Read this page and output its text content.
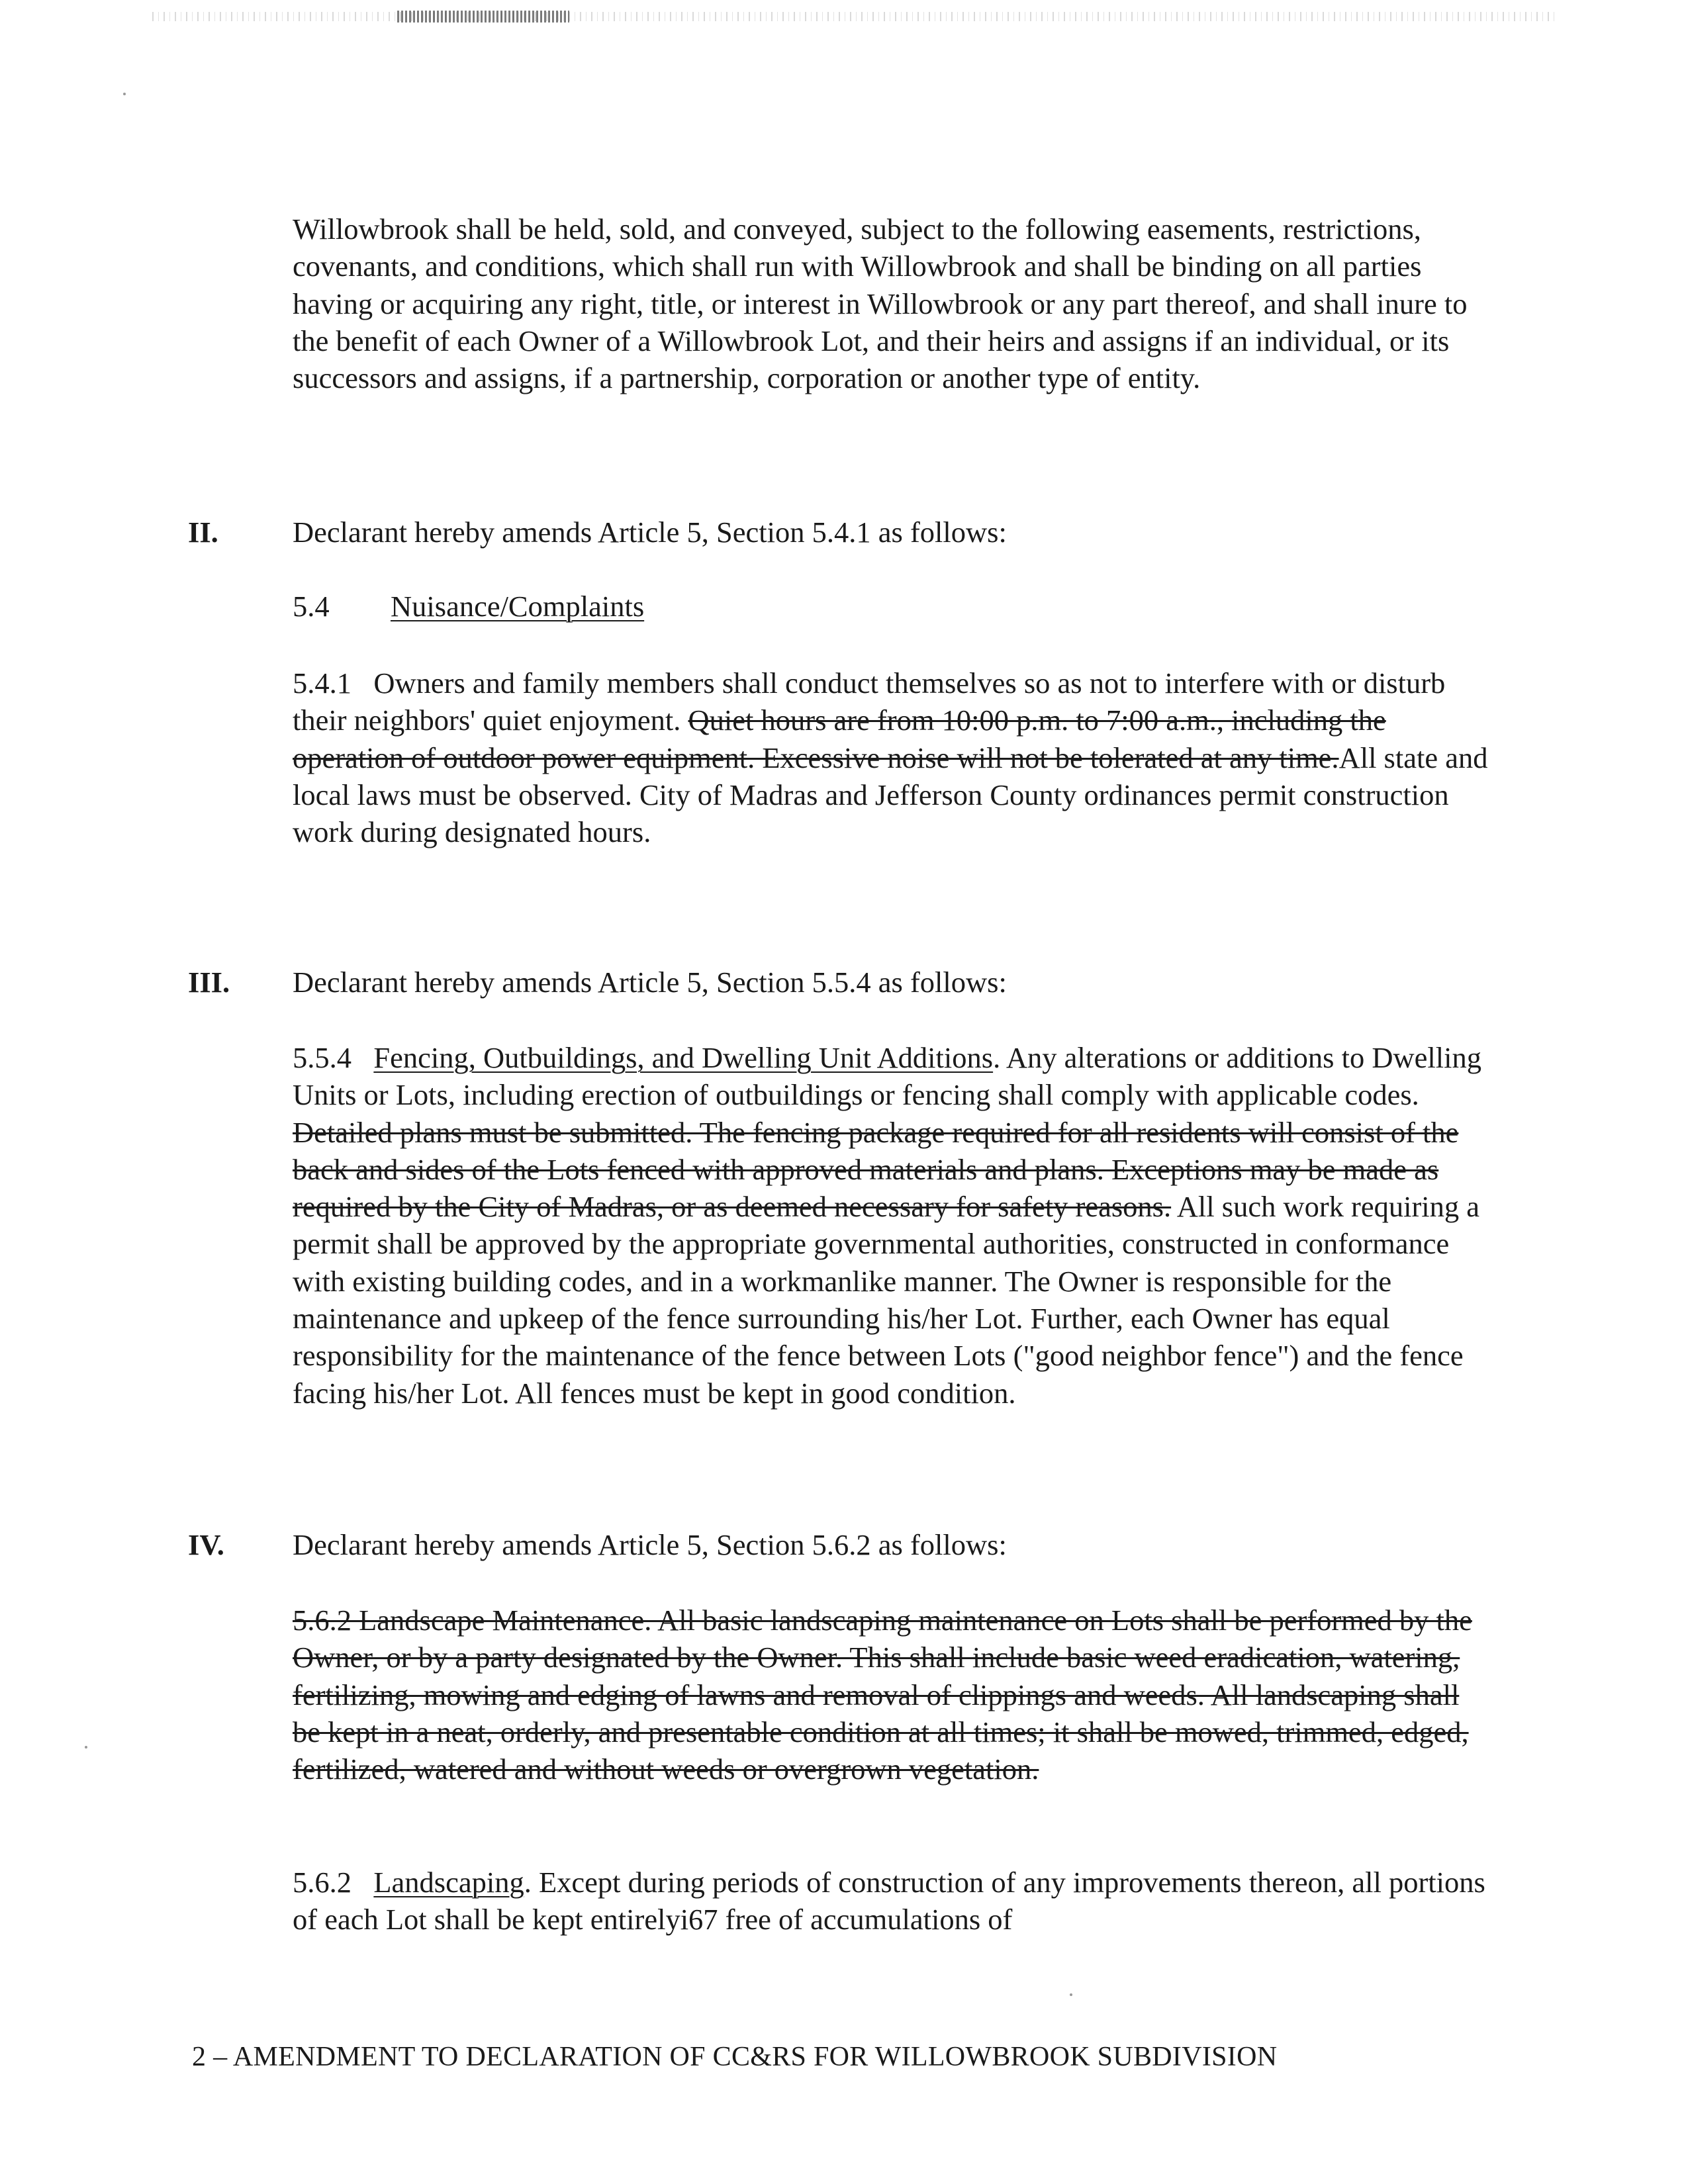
Willowbrook shall be held, sold, and conveyed, subject to the following easements, restrictions, covenants, and conditions, which shall run with Willowbrook and shall be binding on all parties having or acquiring any right, title, or interest in Willowbrook or any part thereof, and shall inure to the benefit of each Owner of a Willowbrook Lot, and their heirs and assigns if an individual, or its successors and assigns, if a partnership, corporation or another type of entity.

II.	Declarant hereby amends Article 5, Section 5.4.1 as follows:

5.4 Nuisance/Complaints

5.4.1 Owners and family members shall conduct themselves so as not to interfere with or disturb their neighbors' quiet enjoyment. Quiet hours are from 10:00 p.m. to 7:00 a.m., including the operation of outdoor power equipment. Excessive noise will not be tolerated at any time.All state and local laws must be observed. City of Madras and Jefferson County ordinances permit construction work during designated hours.

III. Declarant hereby amends Article 5, Section 5.5.4 as follows:

5.5.4 Fencing, Outbuildings, and Dwelling Unit Additions. Any alterations or additions to Dwelling Units or Lots, including erection of outbuildings or fencing shall comply with applicable codes. Detailed plans must be submitted. The fencing package required for all residents will consist of the back and sides of the Lots fenced with approved materials and plans. Exceptions may be made as required by the City of Madras, or as deemed necessary for safety reasons. All such work requiring a permit shall be approved by the appropriate governmental authorities, constructed in conformance with existing building codes, and in a workmanlike manner. The Owner is responsible for the maintenance and upkeep of the fence surrounding his/her Lot. Further, each Owner has equal responsibility for the maintenance of the fence between Lots ("good neighbor fence") and the fence facing his/her Lot. All fences must be kept in good condition.

IV. Declarant hereby amends Article 5, Section 5.6.2 as follows:

5.6.2 Landscape Maintenance. All basic landscaping maintenance on Lots shall be performed by the Owner, or by a party designated by the Owner. This shall include basic weed eradication, watering, fertilizing, mowing and edging of lawns and removal of clippings and weeds. All landscaping shall be kept in a neat, orderly, and presentable condition at all times; it shall be mowed, trimmed, edged, fertilized, watered and without weeds or overgrown vegetation.

5.6.2 Landscaping. Except during periods of construction of any improvements thereon, all portions of each Lot shall be kept entirelyi67 free of accumulations of

2 – AMENDMENT TO DECLARATION OF CC&RS FOR WILLOWBROOK SUBDIVISION
